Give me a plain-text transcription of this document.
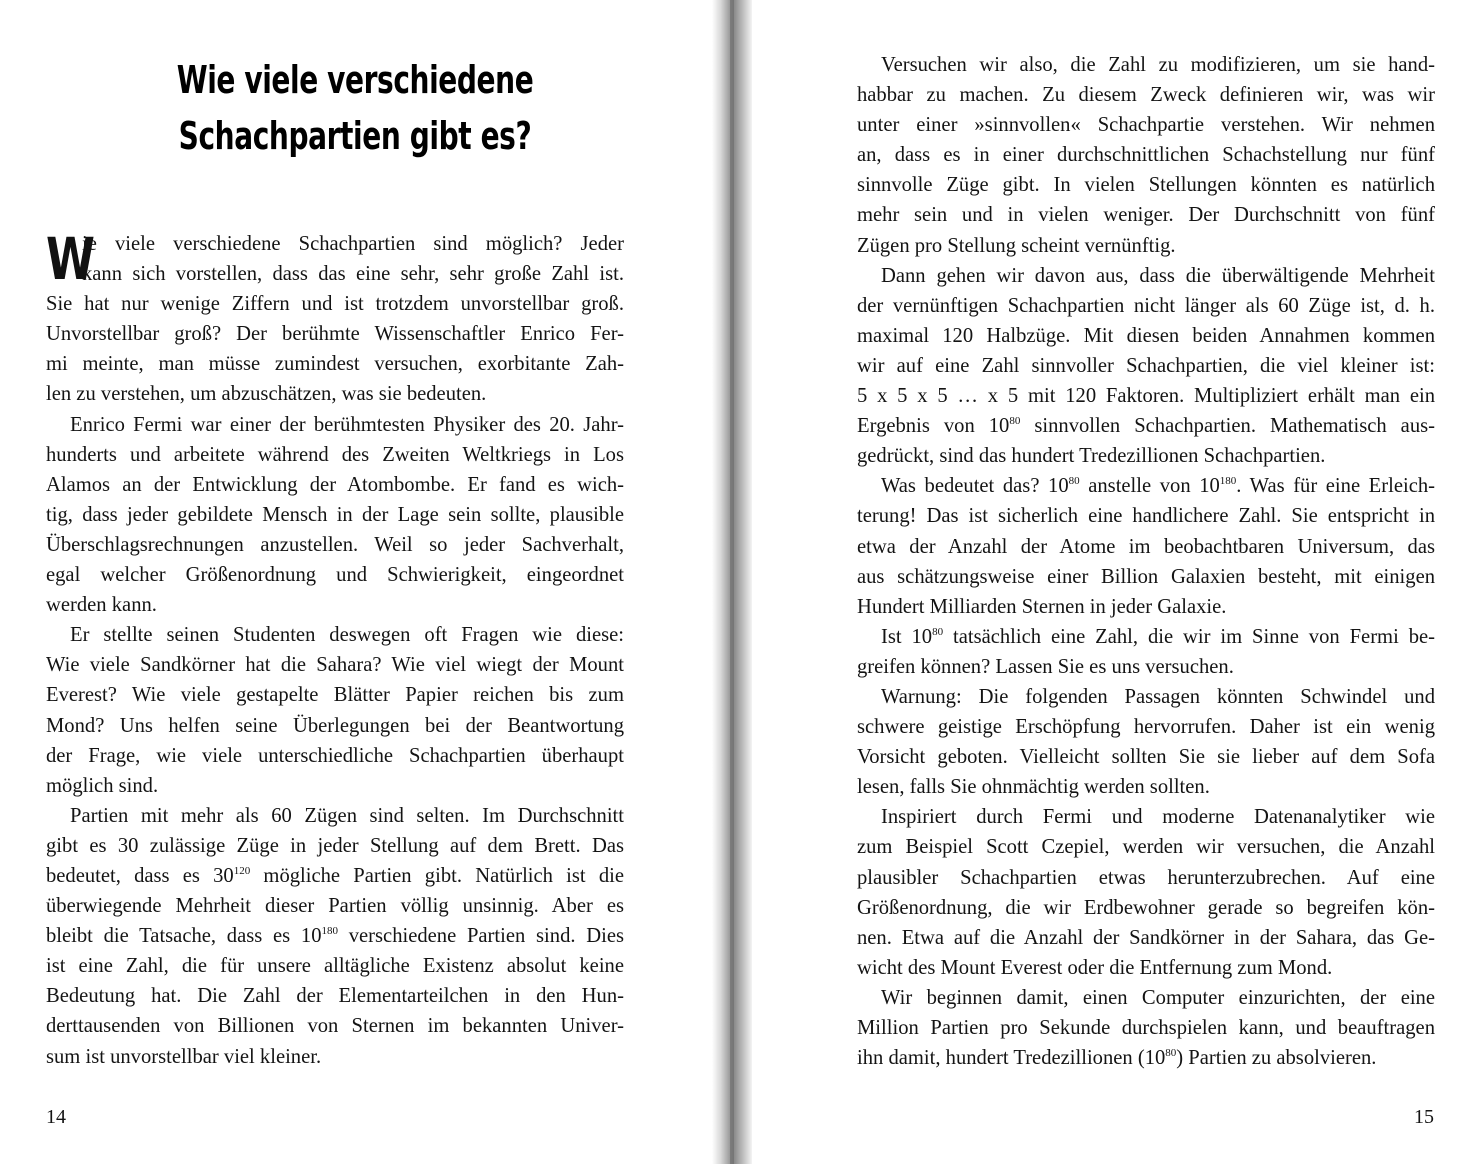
Wie viele verschiedene
Schachpartien gibt es?
W
ie viele verschiedene Schachpartien sind möglich? Jeder
kann sich vorstellen, dass das eine sehr, sehr große Zahl ist.
Sie hat nur wenige Ziffern und ist trotzdem unvorstellbar groß.
Unvorstellbar groß? Der berühmte Wissenschaftler Enrico Fer-
mi meinte, man müsse zumindest versuchen, exorbitante Zah-
len zu verstehen, um abzuschätzen, was sie bedeuten.
Enrico Fermi war einer der berühmtesten Physiker des 20. Jahr-
hunderts und arbeitete während des Zweiten Weltkriegs in Los
Alamos an der Entwicklung der Atombombe. Er fand es wich-
tig, dass jeder gebildete Mensch in der Lage sein sollte, plausible
Überschlagsrechnungen anzustellen. Weil so jeder Sachverhalt,
egal welcher Größenordnung und Schwierigkeit, eingeordnet
werden kann.
Er stellte seinen Studenten deswegen oft Fragen wie diese:
Wie viele Sandkörner hat die Sahara? Wie viel wiegt der Mount
Everest? Wie viele gestapelte Blätter Papier reichen bis zum
Mond? Uns helfen seine Überlegungen bei der Beantwortung
der Frage, wie viele unterschiedliche Schachpartien überhaupt
möglich sind.
Partien mit mehr als 60 Zügen sind selten. Im Durchschnitt
gibt es 30 zulässige Züge in jeder Stellung auf dem Brett. Das
bedeutet, dass es $30^{120}$ mögliche Partien gibt. Natürlich ist die
überwiegende Mehrheit dieser Partien völlig unsinnig. Aber es
bleibt die Tatsache, dass es $10^{180}$ verschiedene Partien sind. Dies
ist eine Zahl, die für unsere alltägliche Existenz absolut keine
Bedeutung hat. Die Zahl der Elementarteilchen in den Hun-
derttausenden von Billionen von Sternen im bekannten Univer-
sum ist unvorstellbar viel kleiner.
Versuchen wir also, die Zahl zu modifizieren, um sie hand-
habbar zu machen. Zu diesem Zweck definieren wir, was wir
unter einer »sinnvollen« Schachpartie verstehen. Wir nehmen
an, dass es in einer durchschnittlichen Schachstellung nur fünf
sinnvolle Züge gibt. In vielen Stellungen könnten es natürlich
mehr sein und in vielen weniger. Der Durchschnitt von fünf
Zügen pro Stellung scheint vernünftig.
Dann gehen wir davon aus, dass die überwältigende Mehrheit
der vernünftigen Schachpartien nicht länger als 60 Züge ist, d. h.
maximal 120 Halbzüge. Mit diesen beiden Annahmen kommen
wir auf eine Zahl sinnvoller Schachpartien, die viel kleiner ist:
5 x 5 x 5 … x 5 mit 120 Faktoren. Multipliziert erhält man ein
Ergebnis von $10^{80}$ sinnvollen Schachpartien. Mathematisch aus-
gedrückt, sind das hundert Tredezillionen Schachpartien.
Was bedeutet das? $10^{80}$ anstelle von $10^{180}$. Was für eine Erleich-
terung! Das ist sicherlich eine handlichere Zahl. Sie entspricht in
etwa der Anzahl der Atome im beobachtbaren Universum, das
aus schätzungsweise einer Billion Galaxien besteht, mit einigen
Hundert Milliarden Sternen in jeder Galaxie.
Ist $10^{80}$ tatsächlich eine Zahl, die wir im Sinne von Fermi be-
greifen können? Lassen Sie es uns versuchen.
Warnung: Die folgenden Passagen könnten Schwindel und
schwere geistige Erschöpfung hervorrufen. Daher ist ein wenig
Vorsicht geboten. Vielleicht sollten Sie sie lieber auf dem Sofa
lesen, falls Sie ohnmächtig werden sollten.
Inspiriert durch Fermi und moderne Datenanalytiker wie
zum Beispiel Scott Czepiel, werden wir versuchen, die Anzahl
plausibler Schachpartien etwas herunterzubrechen. Auf eine
Größenordnung, die wir Erdbewohner gerade so begreifen kön-
nen. Etwa auf die Anzahl der Sandkörner in der Sahara, das Ge-
wicht des Mount Everest oder die Entfernung zum Mond.
Wir beginnen damit, einen Computer einzurichten, der eine
Million Partien pro Sekunde durchspielen kann, und beauftragen
ihn damit, hundert Tredezillionen $(10^{80})$ Partien zu absolvieren.
14	15
